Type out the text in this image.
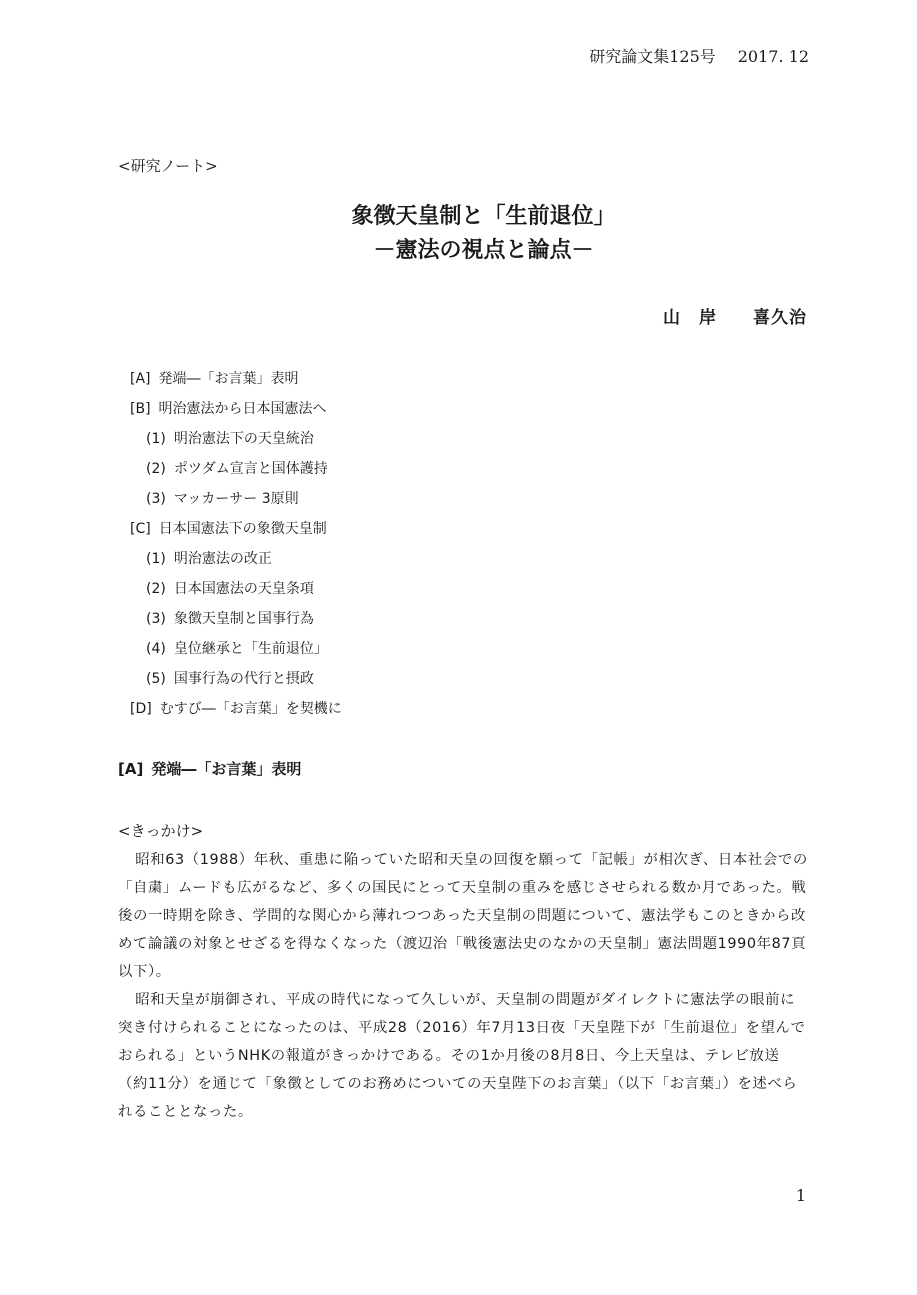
研究論文集125号 2017. 12
<研究ノート>
象徴天皇制と「生前退位」
－憲法の視点と論点－
山　岸　　喜久治
[A] 発端―「お言葉」表明
[B] 明治憲法から日本国憲法へ
(1) 明治憲法下の天皇統治
(2) ポツダム宣言と国体護持
(3) マッカーサー 3原則
[C] 日本国憲法下の象徴天皇制
(1) 明治憲法の改正
(2) 日本国憲法の天皇条項
(3) 象徴天皇制と国事行為
(4) 皇位継承と「生前退位」
(5) 国事行為の代行と摂政
[D] むすび―「お言葉」を契機に
[A] 発端―「お言葉」表明
<きっかけ>

昭和63（1988）年秋、重患に陥っていた昭和天皇の回復を願って「記帳」が相次ぎ、日本社会での「自粛」ムードも広がるなど、多くの国民にとって天皇制の重みを感じさせられる数か月であった。戦後の一時期を除き、学問的な関心から薄れつつあった天皇制の問題について、憲法学もこのときから改めて論議の対象とせざるを得なくなった（渡辺治「戦後憲法史のなかの天皇制」憲法問題1990年87頁以下）。

昭和天皇が崩御され、平成の時代になって久しいが、天皇制の問題がダイレクトに憲法学の眼前に突き付けられることになったのは、平成28（2016）年7月13日夜「天皇陛下が「生前退位」を望んでおられる」というNHKの報道がきっかけである。その1か月後の8月8日、今上天皇は、テレビ放送（約11分）を通じて「象徴としてのお務めについての天皇陛下のお言葉」（以下「お言葉」）を述べられることとなった。

1
